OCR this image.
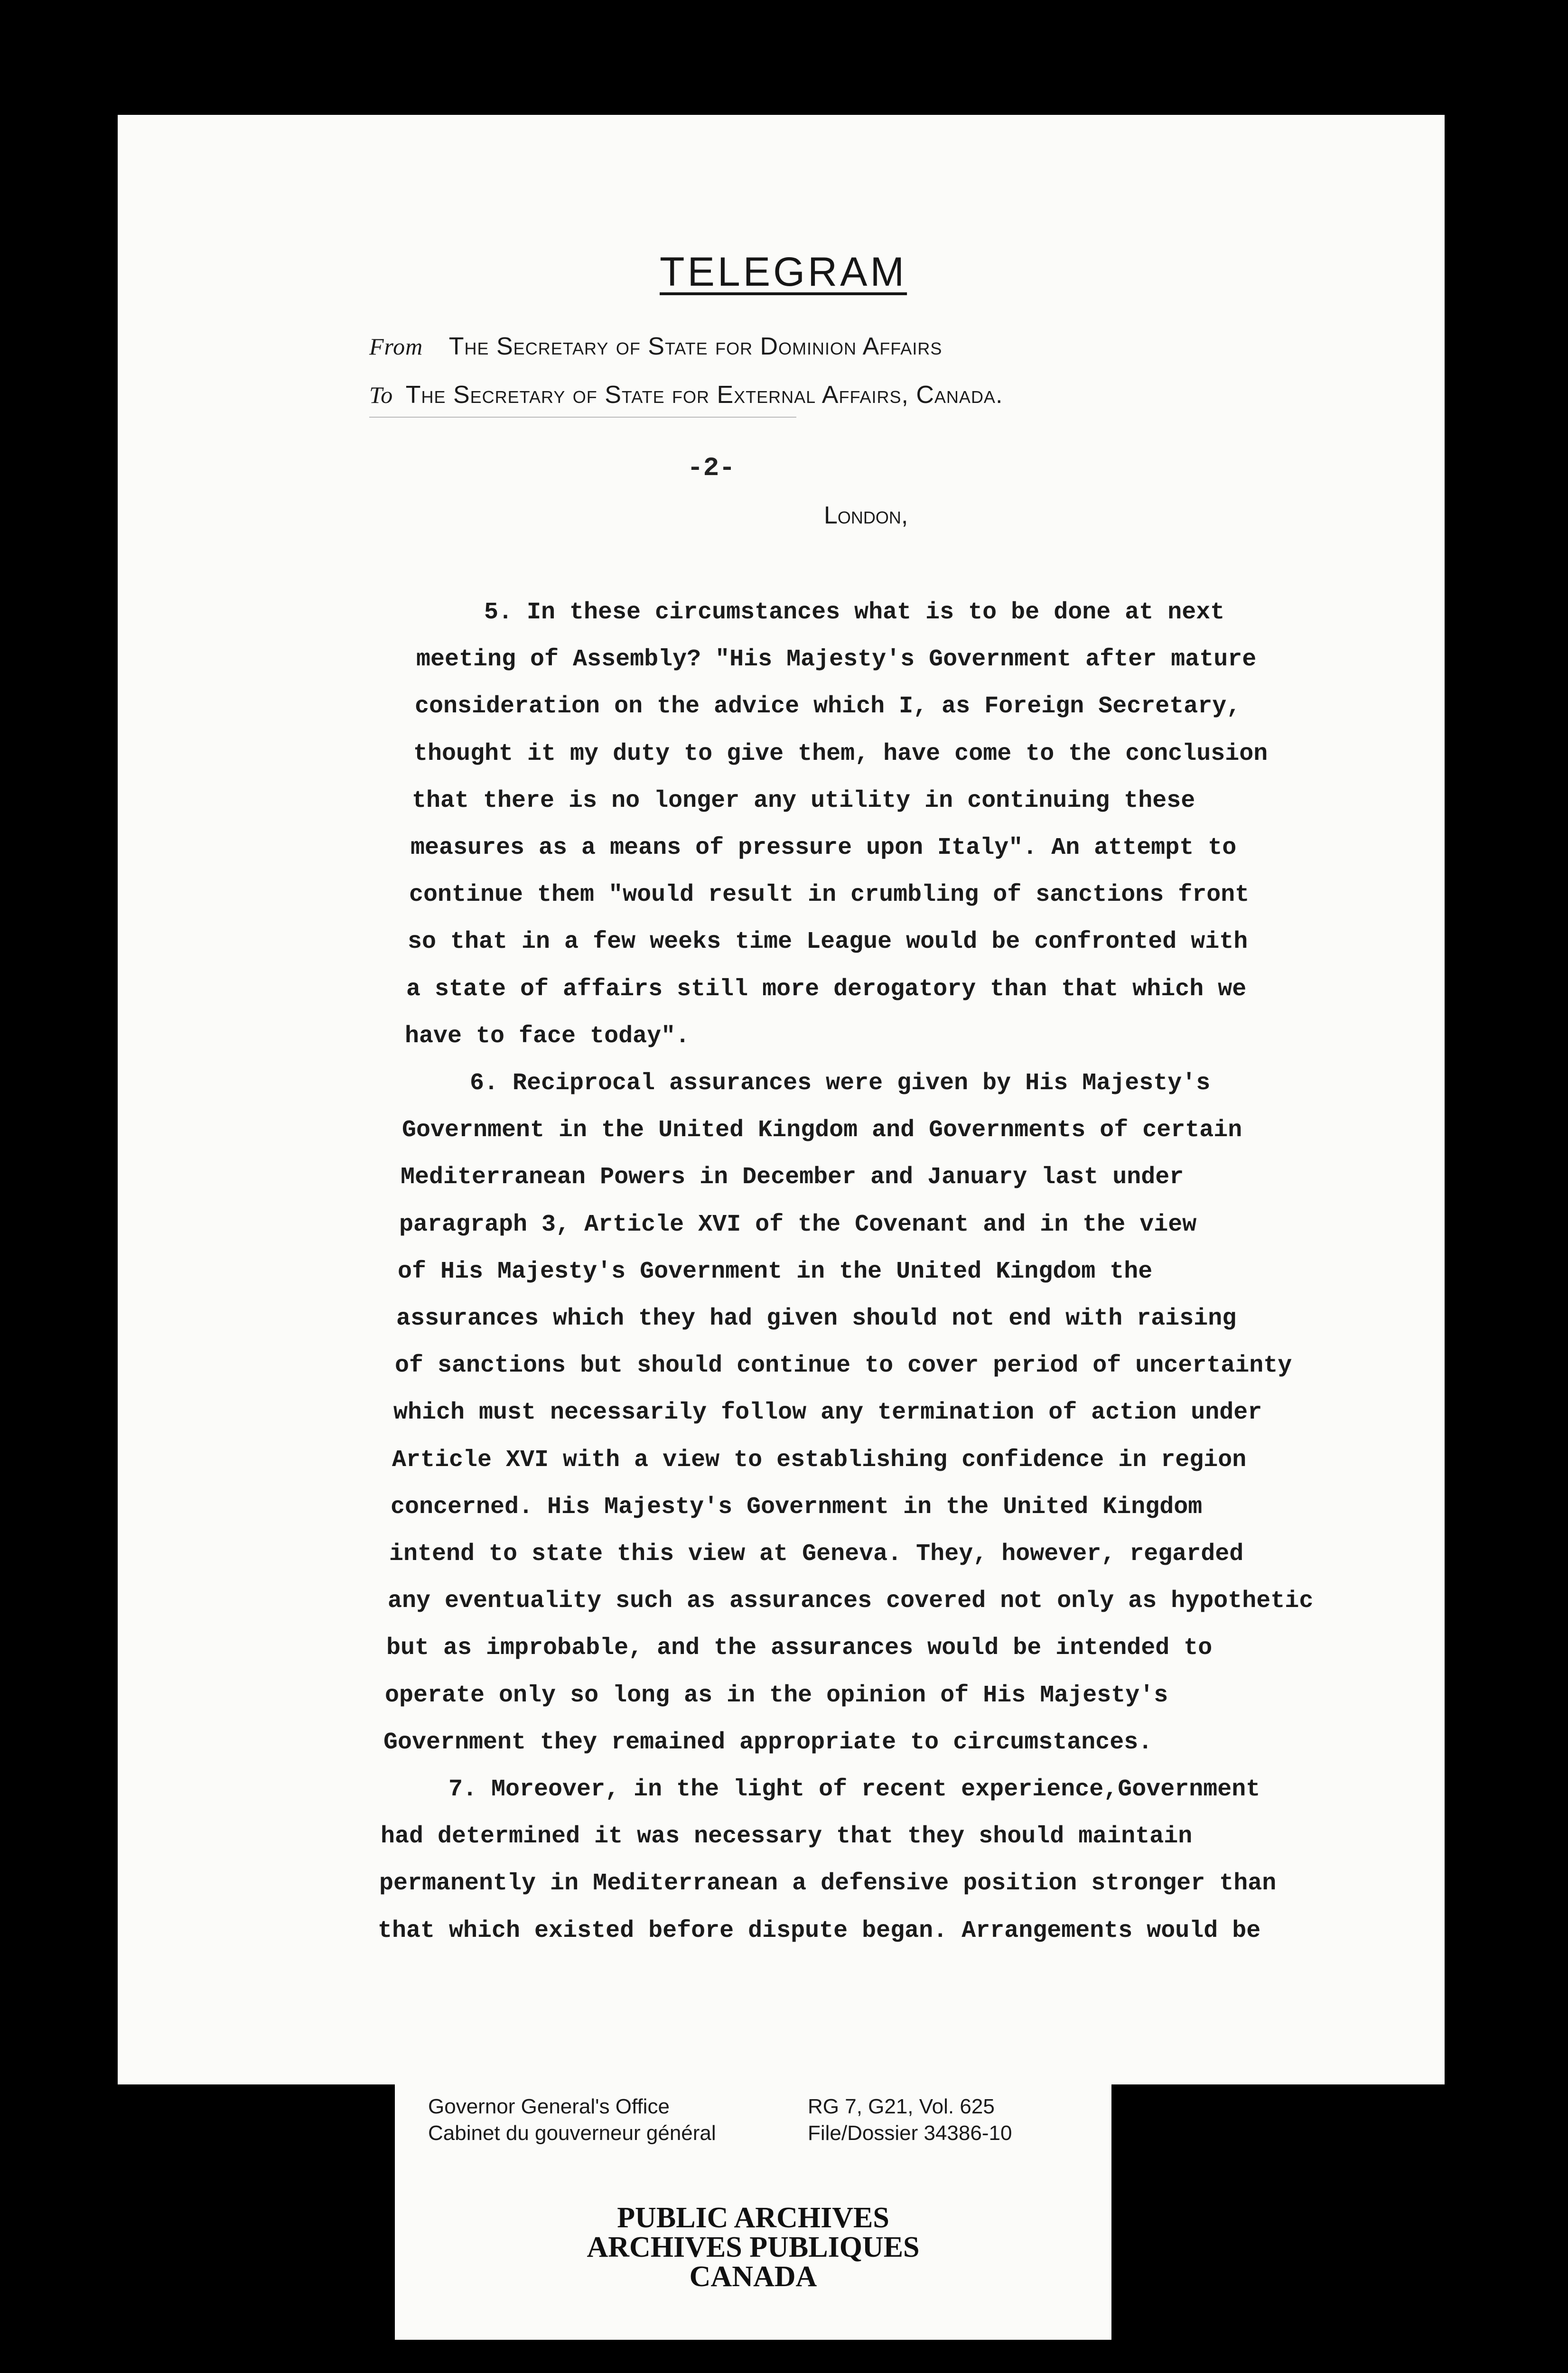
TELEGRAM
From The Secretary of State for Dominion Affairs
To The Secretary of State for External Affairs, Canada.
-2-
London,
5. In these circumstances what is to be done at next
meeting of Assembly? "His Majesty's Government after mature
consideration on the advice which I, as Foreign Secretary,
thought it my duty to give them, have come to the conclusion
that there is no longer any utility in continuing these
measures as a means of pressure upon Italy". An attempt to
continue them "would result in crumbling of sanctions front
so that in a few weeks time League would be confronted with
a state of affairs still more derogatory than that which we
have to face today".
6. Reciprocal assurances were given by His Majesty's
Government in the United Kingdom and Governments of certain
Mediterranean Powers in December and January last under
paragraph 3, Article XVI of the Covenant and in the view
of His Majesty's Government in the United Kingdom the
assurances which they had given should not end with raising
of sanctions but should continue to cover period of uncertainty
which must necessarily follow any termination of action under
Article XVI with a view to establishing confidence in region
concerned. His Majesty's Government in the United Kingdom
intend to state this view at Geneva. They, however, regarded
any eventuality such as assurances covered not only as hypothetic
but as improbable, and the assurances would be intended to
operate only so long as in the opinion of His Majesty's
Government they remained appropriate to circumstances.
7. Moreover, in the light of recent experience,Government
had determined it was necessary that they should maintain
permanently in Mediterranean a defensive position stronger than
that which existed before dispute began. Arrangements would be
Governor General's Office
Cabinet du gouverneur général
RG 7, G21, Vol. 625
File/Dossier 34386-10
PUBLIC ARCHIVES
ARCHIVES PUBLIQUES
CANADA
